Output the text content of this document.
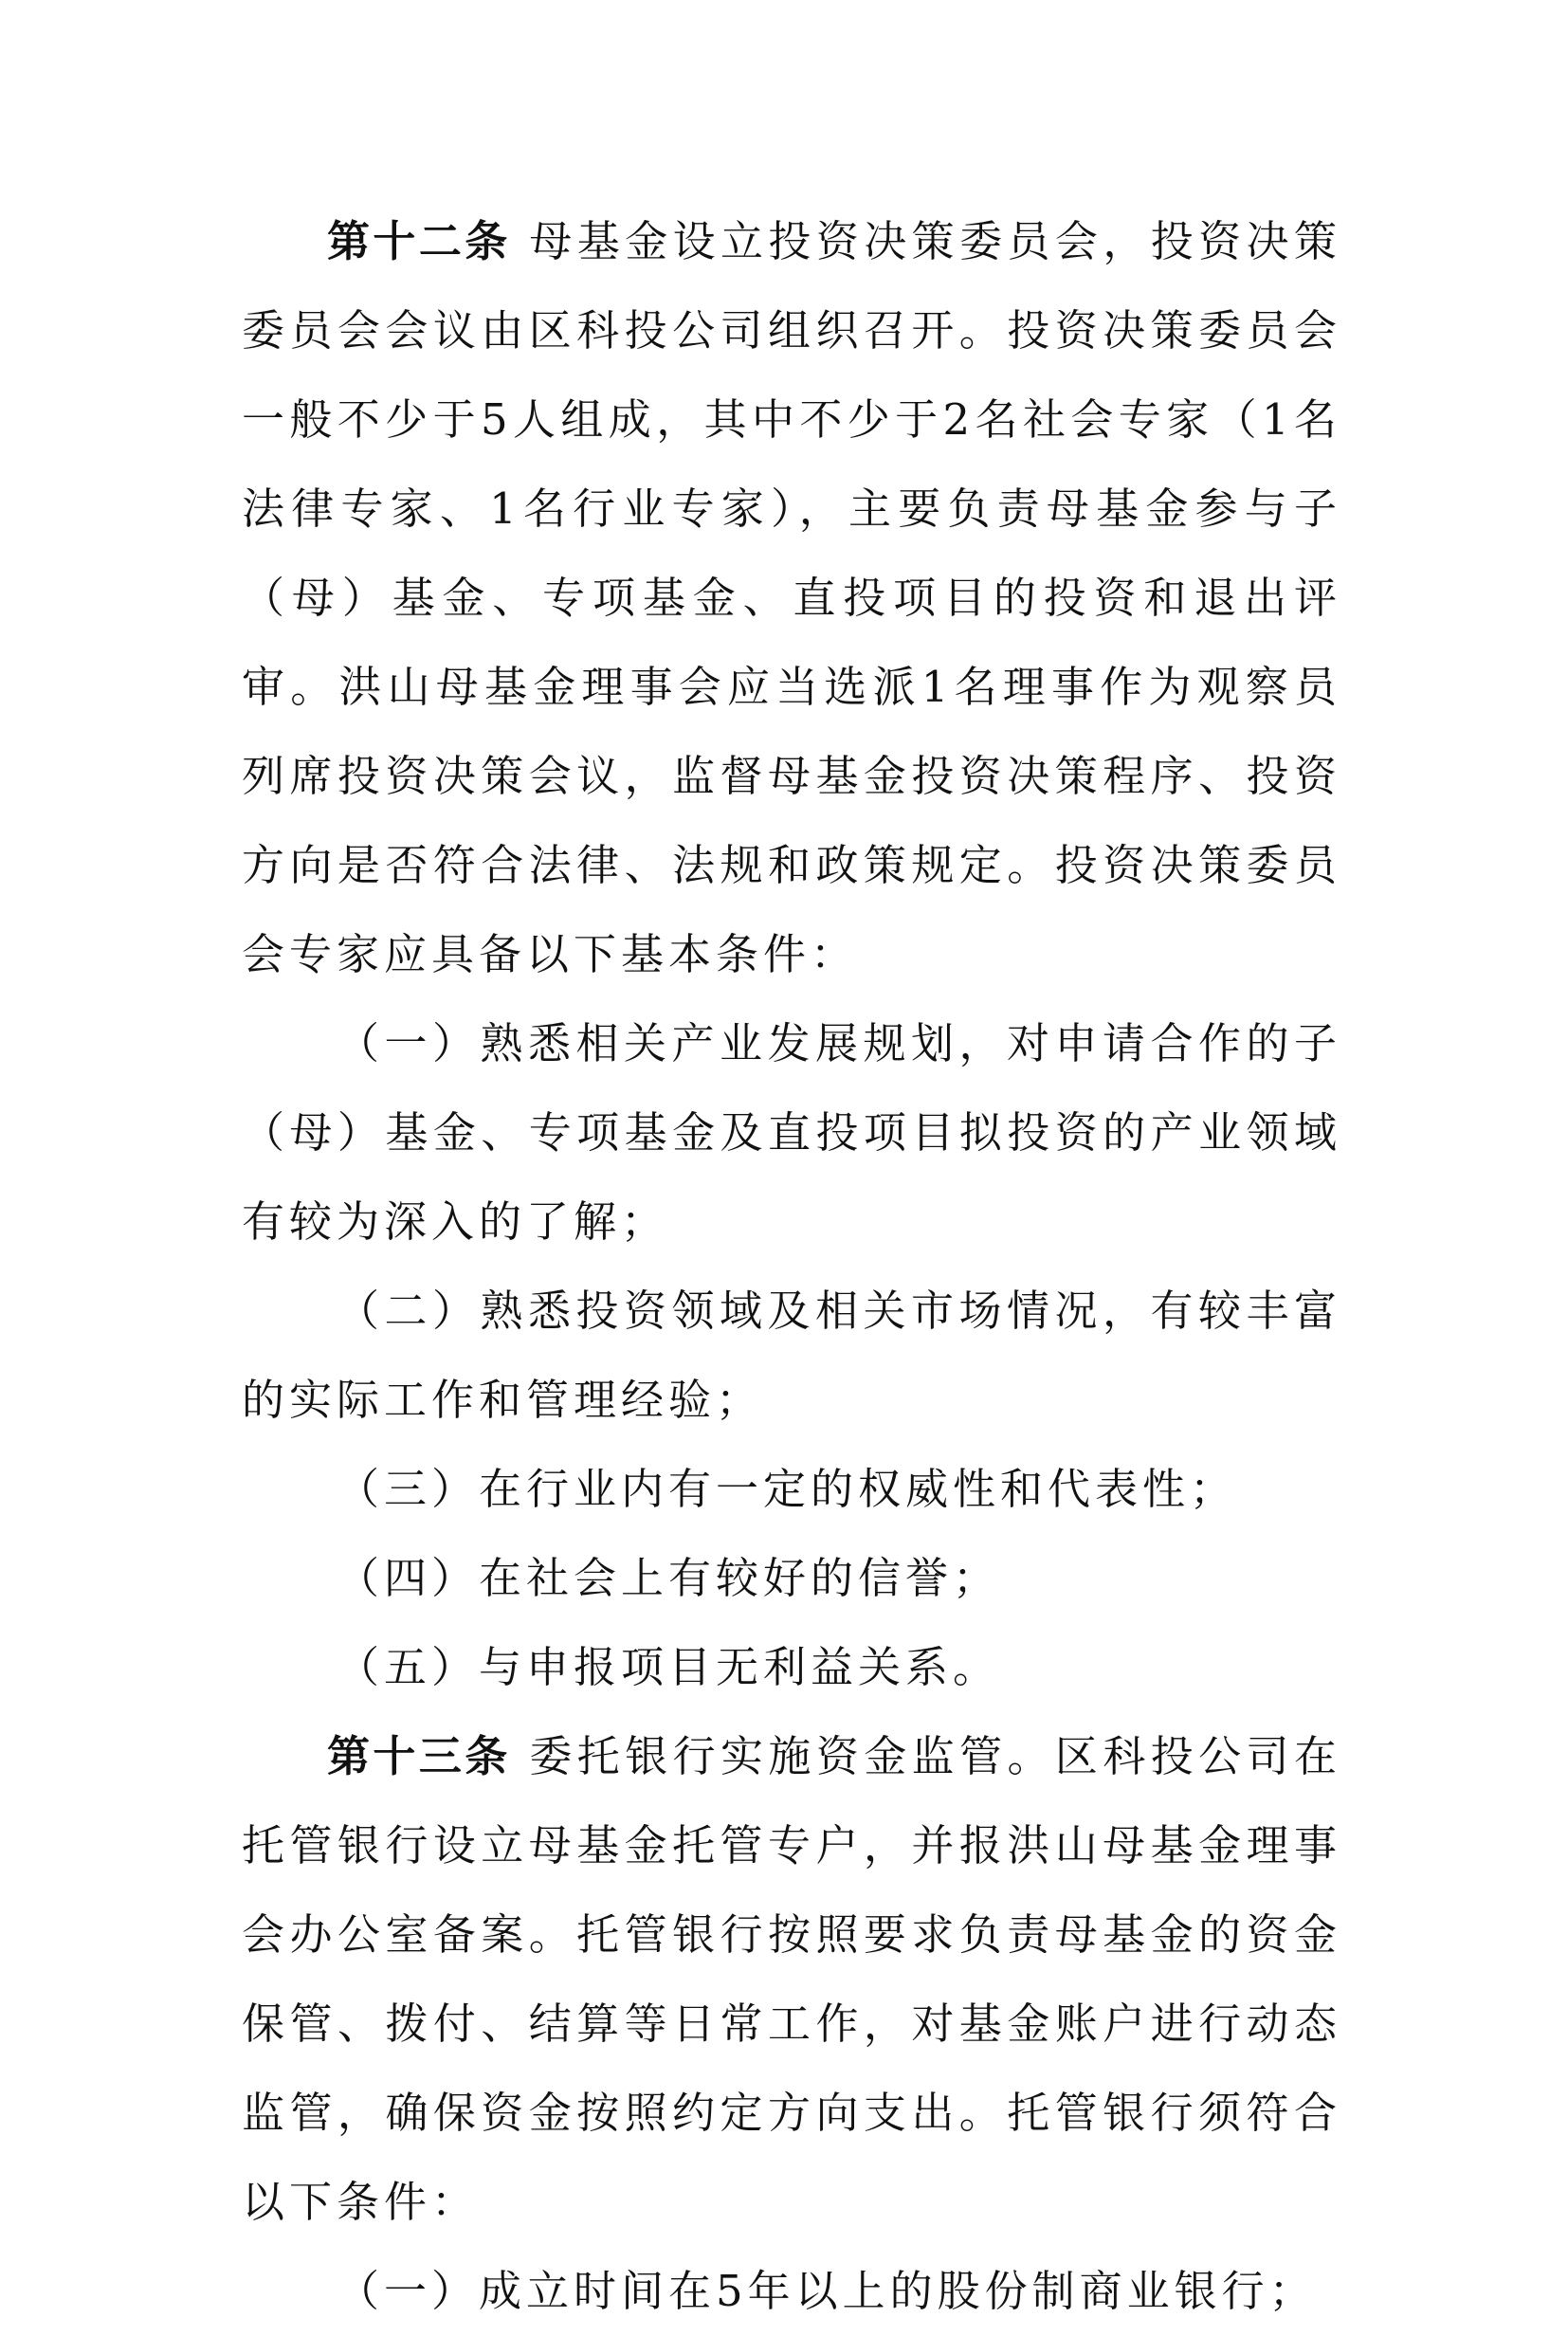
第十二条 母基金设立投资决策委员会，投资决策委员会会议由区科投公司组织召开。投资决策委员会一般不少于5人组成，其中不少于2名社会专家（1名法律专家、1名行业专家），主要负责母基金参与子（母）基金、专项基金、直投项目的投资和退出评审。洪山母基金理事会应当选派1名理事作为观察员列席投资决策会议，监督母基金投资决策程序、投资方向是否符合法律、法规和政策规定。投资决策委员会专家应具备以下基本条件：

（一）熟悉相关产业发展规划，对申请合作的子（母）基金、专项基金及直投项目拟投资的产业领域有较为深入的了解；

（二）熟悉投资领域及相关市场情况，有较丰富的实际工作和管理经验；

（三）在行业内有一定的权威性和代表性；

（四）在社会上有较好的信誉；

（五）与申报项目无利益关系。

第十三条 委托银行实施资金监管。区科投公司在托管银行设立母基金托管专户，并报洪山母基金理事会办公室备案。托管银行按照要求负责母基金的资金保管、拨付、结算等日常工作，对基金账户进行动态监管，确保资金按照约定方向支出。托管银行须符合以下条件：

（一）成立时间在5年以上的股份制商业银行；
